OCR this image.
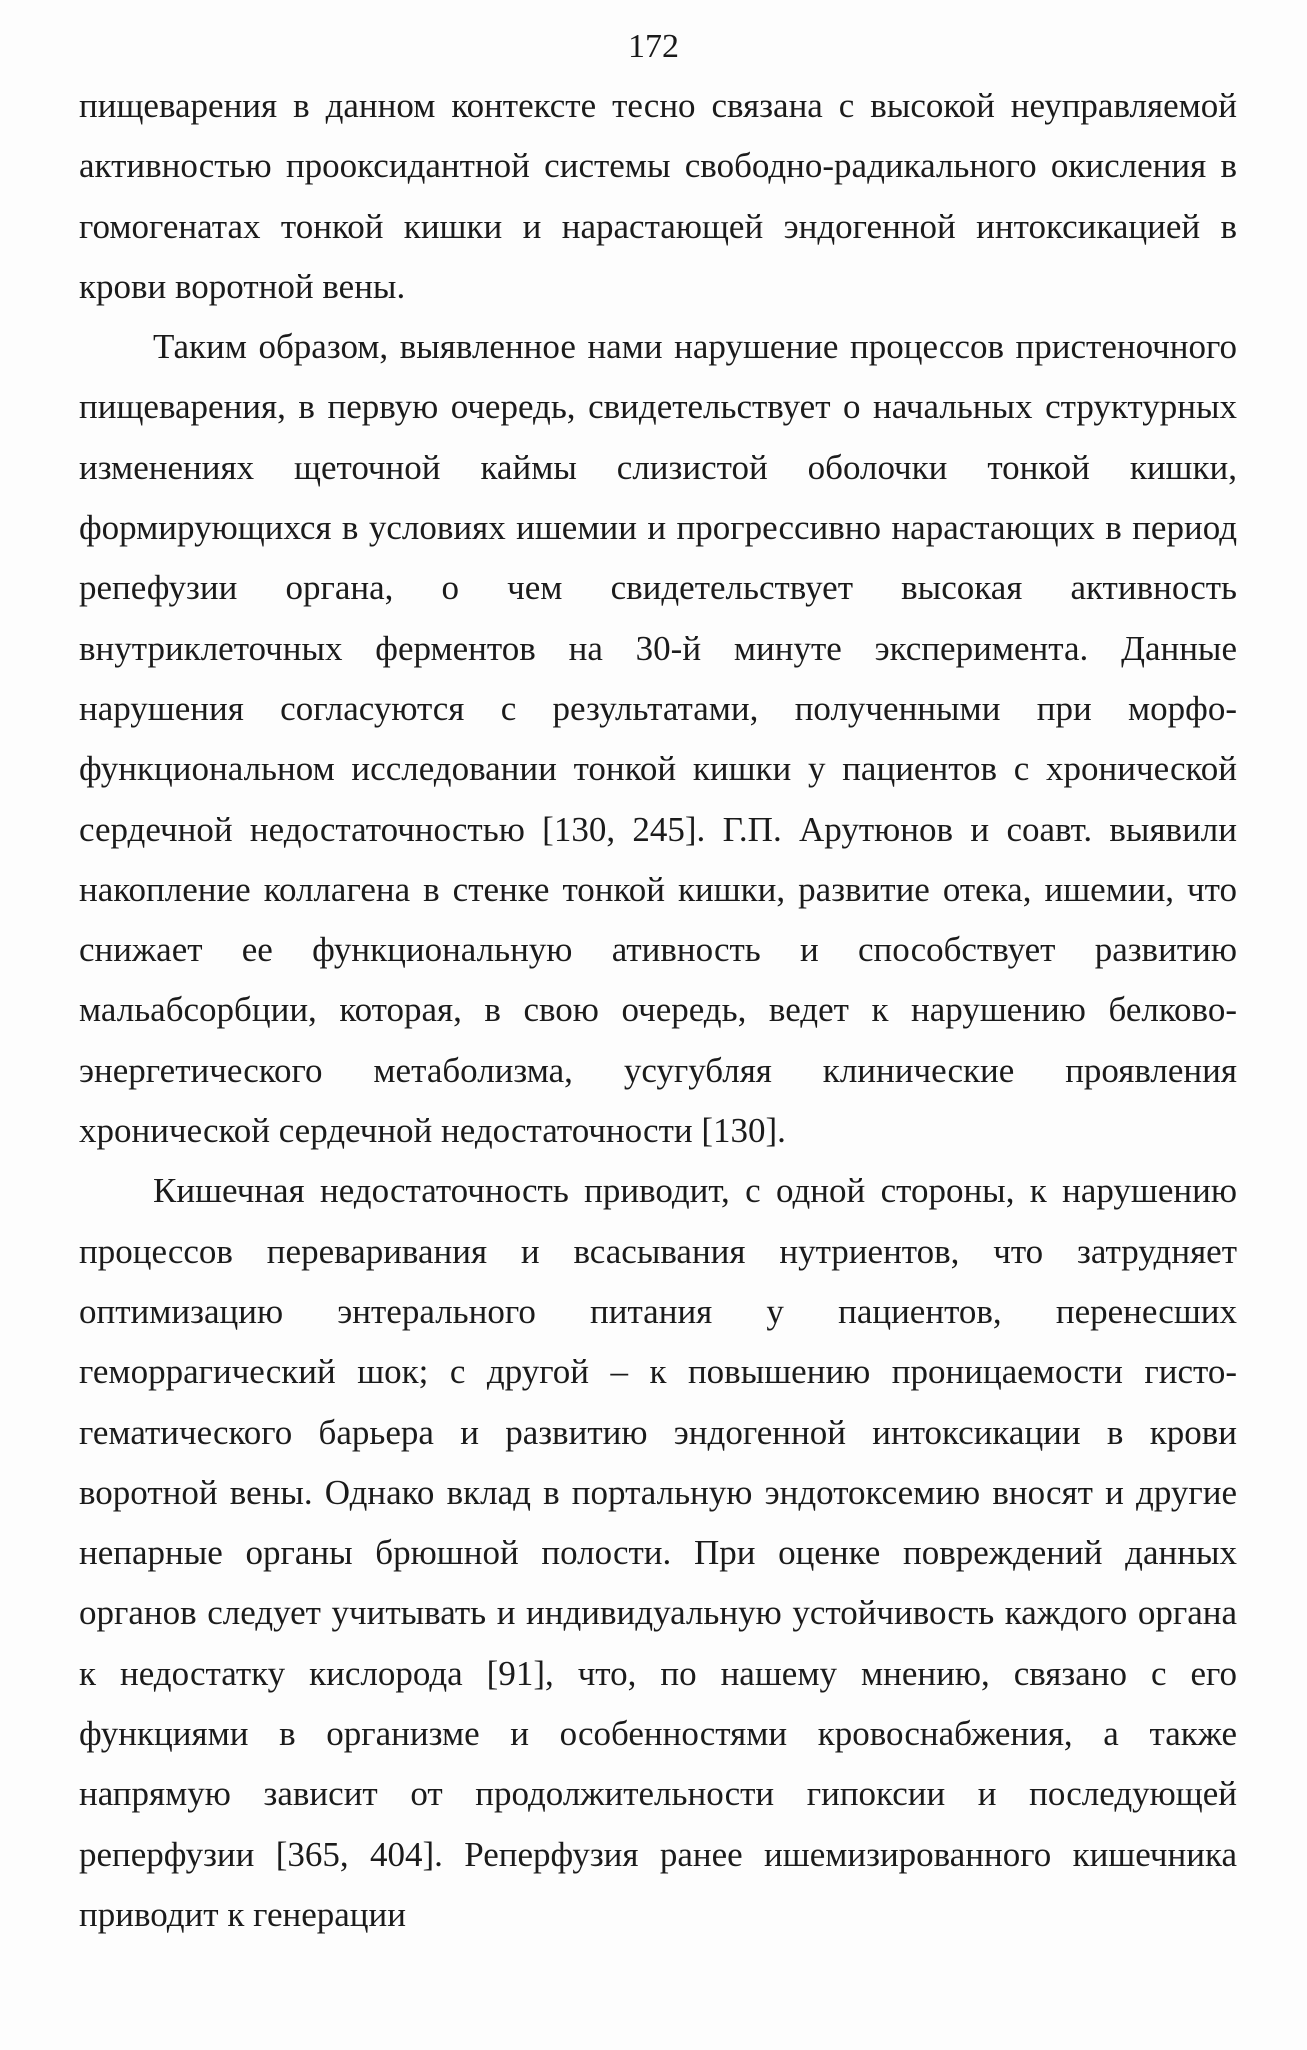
172

пищеварения в данном контексте тесно связана с высокой неуправляемой активностью прооксидантной системы свободно-радикального окисления в гомогенатах тонкой кишки и нарастающей эндогенной интоксикацией в крови воротной вены.

Таким образом, выявленное нами нарушение процессов пристеночного пищеварения, в первую очередь, свидетельствует о начальных структурных изменениях щеточной каймы слизистой оболочки тонкой кишки, формирующихся в условиях ишемии и прогрессивно нарастающих в период репефузии органа, о чем свидетельствует высокая активность внутриклеточных ферментов на 30-й минуте эксперимента. Данные нарушения согласуются с результатами, полученными при морфо-функциональном исследовании тонкой кишки у пациентов с хронической сердечной недостаточностью [130, 245]. Г.П. Арутюнов и соавт. выявили накопление коллагена в стенке тонкой кишки, развитие отека, ишемии, что снижает ее функциональную ативность и способствует развитию мальабсорбции, которая, в свою очередь, ведет к нарушению белково-энергетического метаболизма, усугубляя клинические проявления хронической сердечной недостаточности [130].

Кишечная недостаточность приводит, с одной стороны, к нарушению процессов переваривания и всасывания нутриентов, что затрудняет оптимизацию энтерального питания у пациентов, перенесших геморрагический шок; с другой – к повышению проницаемости гисто-гематического барьера и развитию эндогенной интоксикации в крови воротной вены. Однако вклад в портальную эндотоксемию вносят и другие непарные органы брюшной полости. При оценке повреждений данных органов следует учитывать и индивидуальную устойчивость каждого органа к недостатку кислорода [91], что, по нашему мнению, связано с его функциями в организме и особенностями кровоснабжения, а также напрямую зависит от продолжительности гипоксии и последующей реперфузии [365, 404]. Реперфузия ранее ишемизированного кишечника приводит к генерации
